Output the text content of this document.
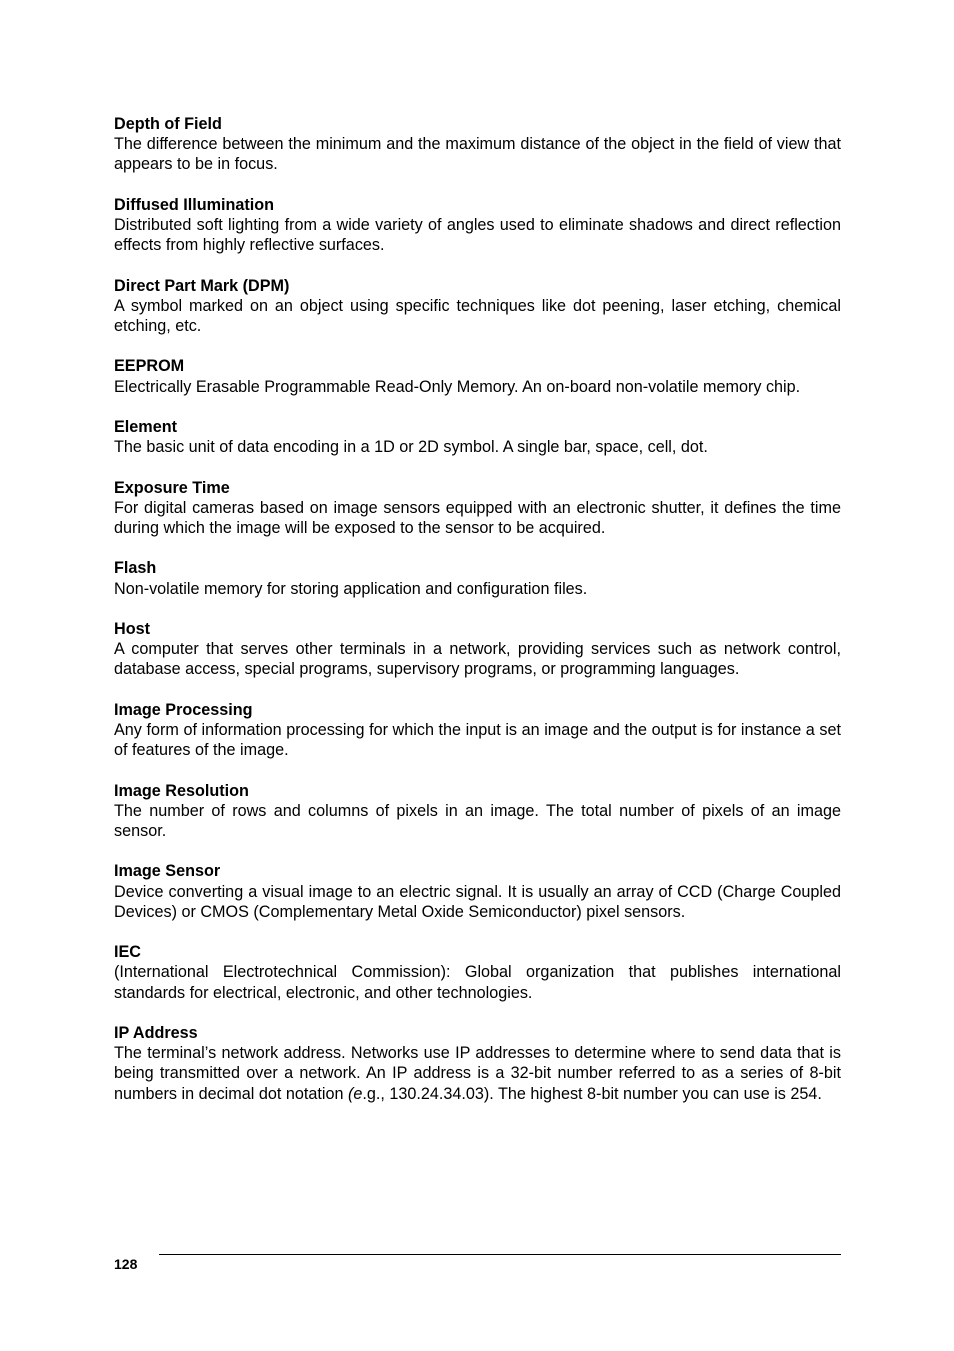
Depth of Field

The difference between the minimum and the maximum distance of the object in the field of view that appears to be in focus.

Diffused Illumination

Distributed soft lighting from a wide variety of angles used to eliminate shadows and direct reflection effects from highly reflective surfaces.

Direct Part Mark (DPM)

A symbol marked on an object using specific techniques like dot peening, laser etching, chemical etching, etc.

EEPROM

Electrically Erasable Programmable Read-Only Memory. An on-board non-volatile memory chip.

Element

The basic unit of data encoding in a 1D or 2D symbol. A single bar, space, cell, dot.

Exposure Time

For digital cameras based on image sensors equipped with an electronic shutter, it defines the time during which the image will be exposed to the sensor to be acquired.

Flash

Non-volatile memory for storing application and configuration files.

Host

A computer that serves other terminals in a network, providing services such as network control, database access, special programs, supervisory programs, or programming languages.

Image Processing

Any form of information processing for which the input is an image and the output is for instance a set of features of the image.

Image Resolution

The number of rows and columns of pixels in an image. The total number of pixels of an image sensor.

Image Sensor

Device converting a visual image to an electric signal. It is usually an array of CCD (Charge Coupled Devices) or CMOS (Complementary Metal Oxide Semiconductor) pixel sensors.

IEC

(International Electrotechnical Commission): Global organization that publishes international standards for electrical, electronic, and other technologies.

IP Address

The terminal’s network address. Networks use IP addresses to determine where to send data that is being transmitted over a network. An IP address is a 32-bit number referred to as a series of 8-bit numbers in decimal dot notation (e.g., 130.24.34.03). The highest 8-bit number you can use is 254.

128
